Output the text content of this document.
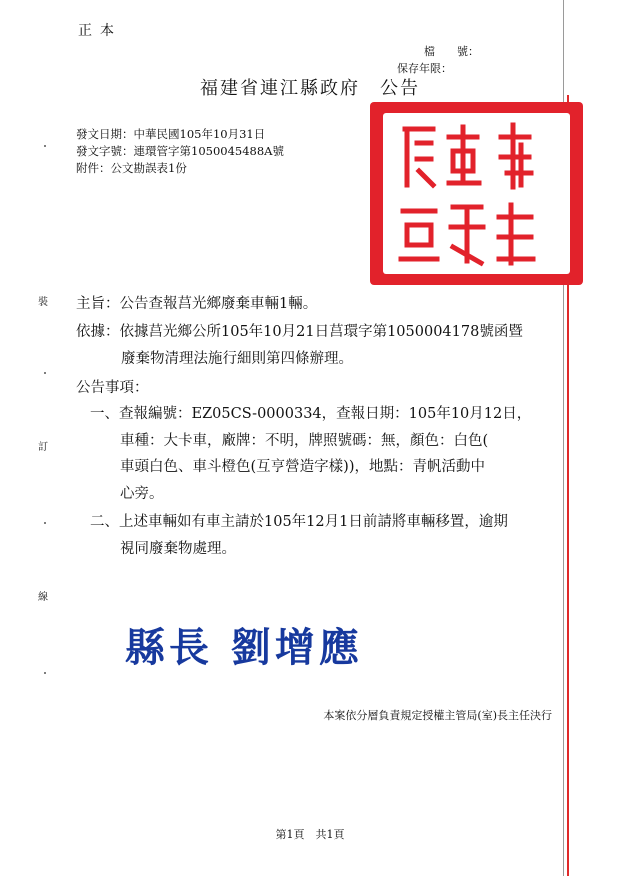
正本
檔　　號：
保存年限：
福建省連江縣政府　公告
發文日期：中華民國105年10月31日
發文字號：連環管字第1050045488A號
附件：公文勘誤表1份
裝
訂
線
主旨：公告查報莒光鄉廢棄車輛1輛。
依據：依據莒光鄉公所105年10月21日莒環字第1050004178號函暨
廢棄物清理法施行細則第四條辦理。
公告事項：
一、查報編號：EZ05CS-0000334，查報日期：105年10月12日，
車種：大卡車，廠牌：不明，牌照號碼：無，顏色：白色(
車頭白色、車斗橙色(互亨營造字樣))，地點：青帆活動中
心旁。
二、上述車輛如有車主請於105年12月1日前請將車輛移置，逾期
視同廢棄物處理。
縣長 劉增應
本案依分層負責規定授權主管局(室)長主任決行
第1頁　共1頁
